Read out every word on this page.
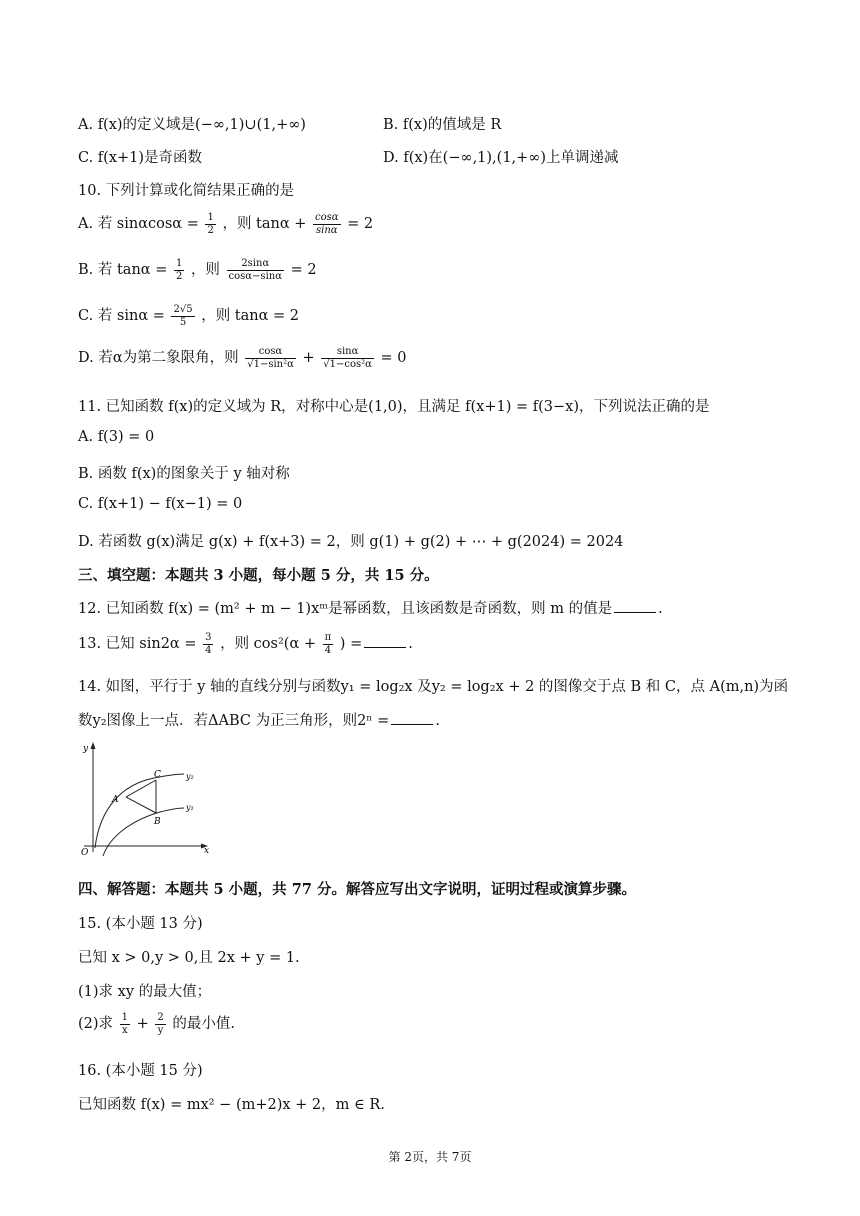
A. f(x)的定义域是(−∞,1)∪(1,+∞)	B. f(x)的值域是 R
C. f(x+1)是奇函数	D. f(x)在(−∞,1),(1,+∞)上单调递减
10. 下列计算或化简结果正确的是
A. 若 $\sin\alpha\cos\alpha = \frac{1}{2}$ ，则 $\tan\alpha + \frac{\cos\alpha}{\sin\alpha} = 2$
B. 若 $\tan\alpha = \frac{1}{2}$ ，则 $\frac{2\sin\alpha}{\cos\alpha-\sin\alpha} = 2$
C. 若 $\sin\alpha = \frac{2√5}{5}$ ，则 tanα = 2
D. 若α为第二象限角，则 $\frac{\cos\alpha}{\text{√1−sin²α}} + \frac{\sin\alpha}{\text{√1−cos²α}} = 0$
11. 已知函数 f(x)的定义域为 R，对称中心是(1,0)，且满足 f(x+1) = f(3−x)，下列说法正确的是
A. f(3) = 0
B. 函数 f(x)的图象关于 y 轴对称
C. f(x+1) − f(x−1) = 0
D. 若函数 g(x)满足 g(x) + f(x+3) = 2，则 g(1) + g(2) + ⋯ + g(2024) = 2024
三、填空题：本题共 3 小题，每小题 5 分，共 15 分。
12. 已知函数 f(x) = (m² + m − 1)xᵐ是幂函数，且该函数是奇函数，则 m 的值是	.
13. 已知 $\sin 2\alpha = \frac{3}{4}$ ，则 $\cos^2(\alpha + \frac{\pi}{4}$ ) =	.
14. 如图，平行于 y 轴的直线分别与函数y₁ = log₂x 及y₂ = log₂x + 2 的图像交于点 B 和 C，点 A(m,n)为函
数y₂图像上一点．若ΔABC 为正三角形，则2ⁿ =	.
y
x
O
A
C
B
y₂
y₁
四、解答题：本题共 5 小题，共 77 分。解答应写出文字说明，证明过程或演算步骤。
15. (本小题 13 分)
已知 x > 0,y > 0,且 2x + y = 1.
(1)求 xy 的最大值；
(2)求 $\frac{1}{x} + \frac{2}{y}$ 的最小值.
16. (本小题 15 分)
已知函数 f(x) = mx² − (m+2)x + 2，m ∈ R.
第 2页，共 7页
